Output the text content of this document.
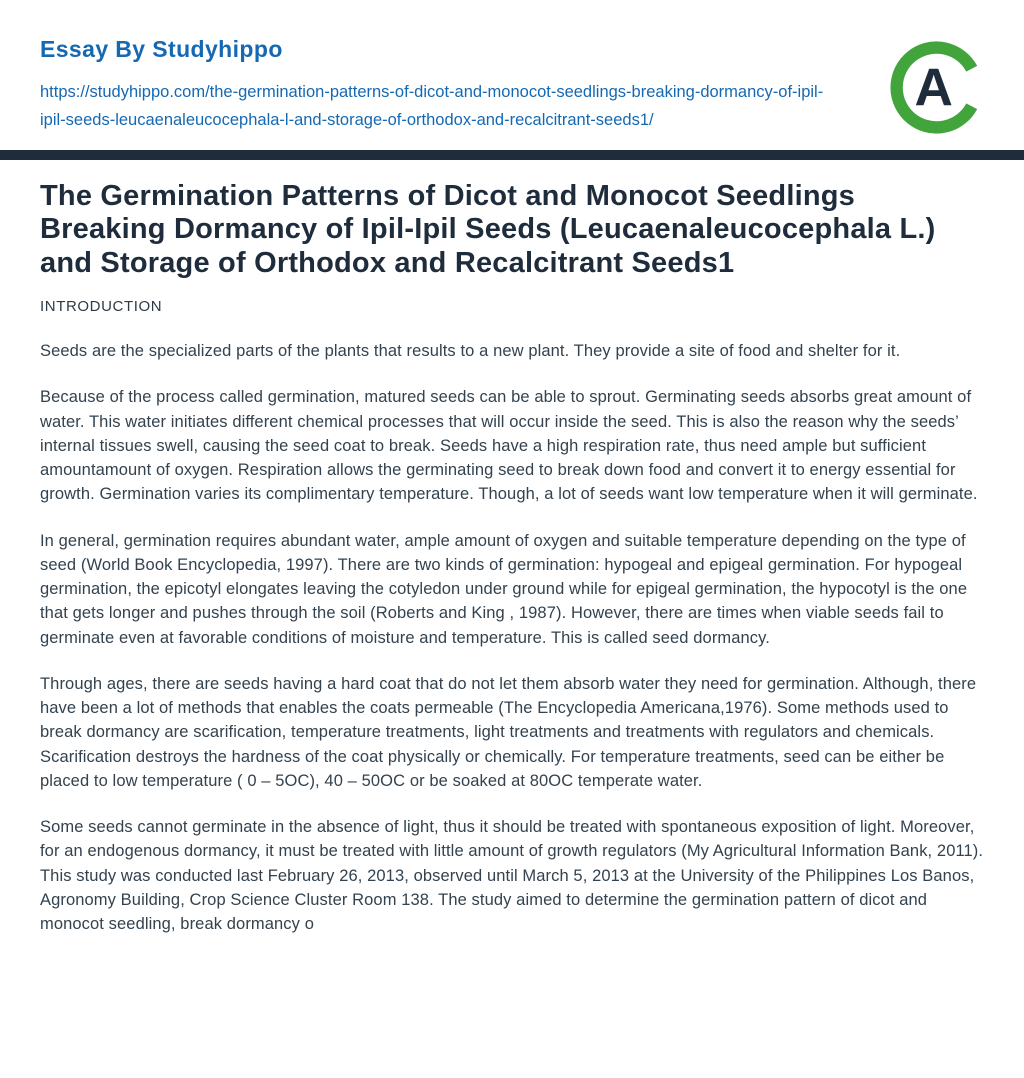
Essay By Studyhippo
https://studyhippo.com/the-germination-patterns-of-dicot-and-monocot-seedlings-breaking-dormancy-of-ipil-ipil-seeds-leucaenaleucocephala-l-and-storage-of-orthodox-and-recalcitrant-seeds1/
A
The Germination Patterns of Dicot and Monocot Seedlings Breaking Dormancy of Ipil-Ipil Seeds (Leucaenaleucocephala L.) and Storage of Orthodox and Recalcitrant Seeds1
INTRODUCTION

Seeds are the specialized parts of the plants that results to a new plant. They provide a site of food and shelter for it.

Because of the process called germination, matured seeds can be able to sprout. Germinating seeds absorbs great amount of water. This water initiates different chemical processes that will occur inside the seed. This is also the reason why the seeds’ internal tissues swell, causing the seed coat to break. Seeds have a high respiration rate, thus need ample but sufficient amountamount of oxygen. Respiration allows the germinating seed to break down food and convert it to energy essential for growth. Germination varies its complimentary temperature. Though, a lot of seeds want low temperature when it will germinate.

In general, germination requires abundant water, ample amount of oxygen and suitable temperature depending on the type of seed (World Book Encyclopedia, 1997). There are two kinds of germination: hypogeal and epigeal germination. For hypogeal germination, the epicotyl elongates leaving the cotyledon under ground while for epigeal germination, the hypocotyl is the one that gets longer and pushes through the soil (Roberts and King , 1987). However, there are times when viable seeds fail to germinate even at favorable conditions of moisture and temperature. This is called seed dormancy.

Through ages, there are seeds having a hard coat that do not let them absorb water they need for germination. Although, there have been a lot of methods that enables the coats permeable (The Encyclopedia Americana,1976). Some methods used to break dormancy are scarification, temperature treatments, light treatments and treatments with regulators and chemicals. Scarification destroys the hardness of the coat physically or chemically. For temperature treatments, seed can be either be placed to low temperature ( 0 – 5OC), 40 – 50OC or be soaked at 80OC temperate water.

Some seeds cannot germinate in the absence of light, thus it should be treated with spontaneous exposition of light. Moreover, for an endogenous dormancy, it must be treated with little amount of growth regulators (My Agricultural Information Bank, 2011). This study was conducted last February 26, 2013, observed until March 5, 2013 at the University of the Philippines Los Banos, Agronomy Building, Crop Science Cluster Room 138. The study aimed to determine the germination pattern of dicot and monocot seedling, break dormancy o
